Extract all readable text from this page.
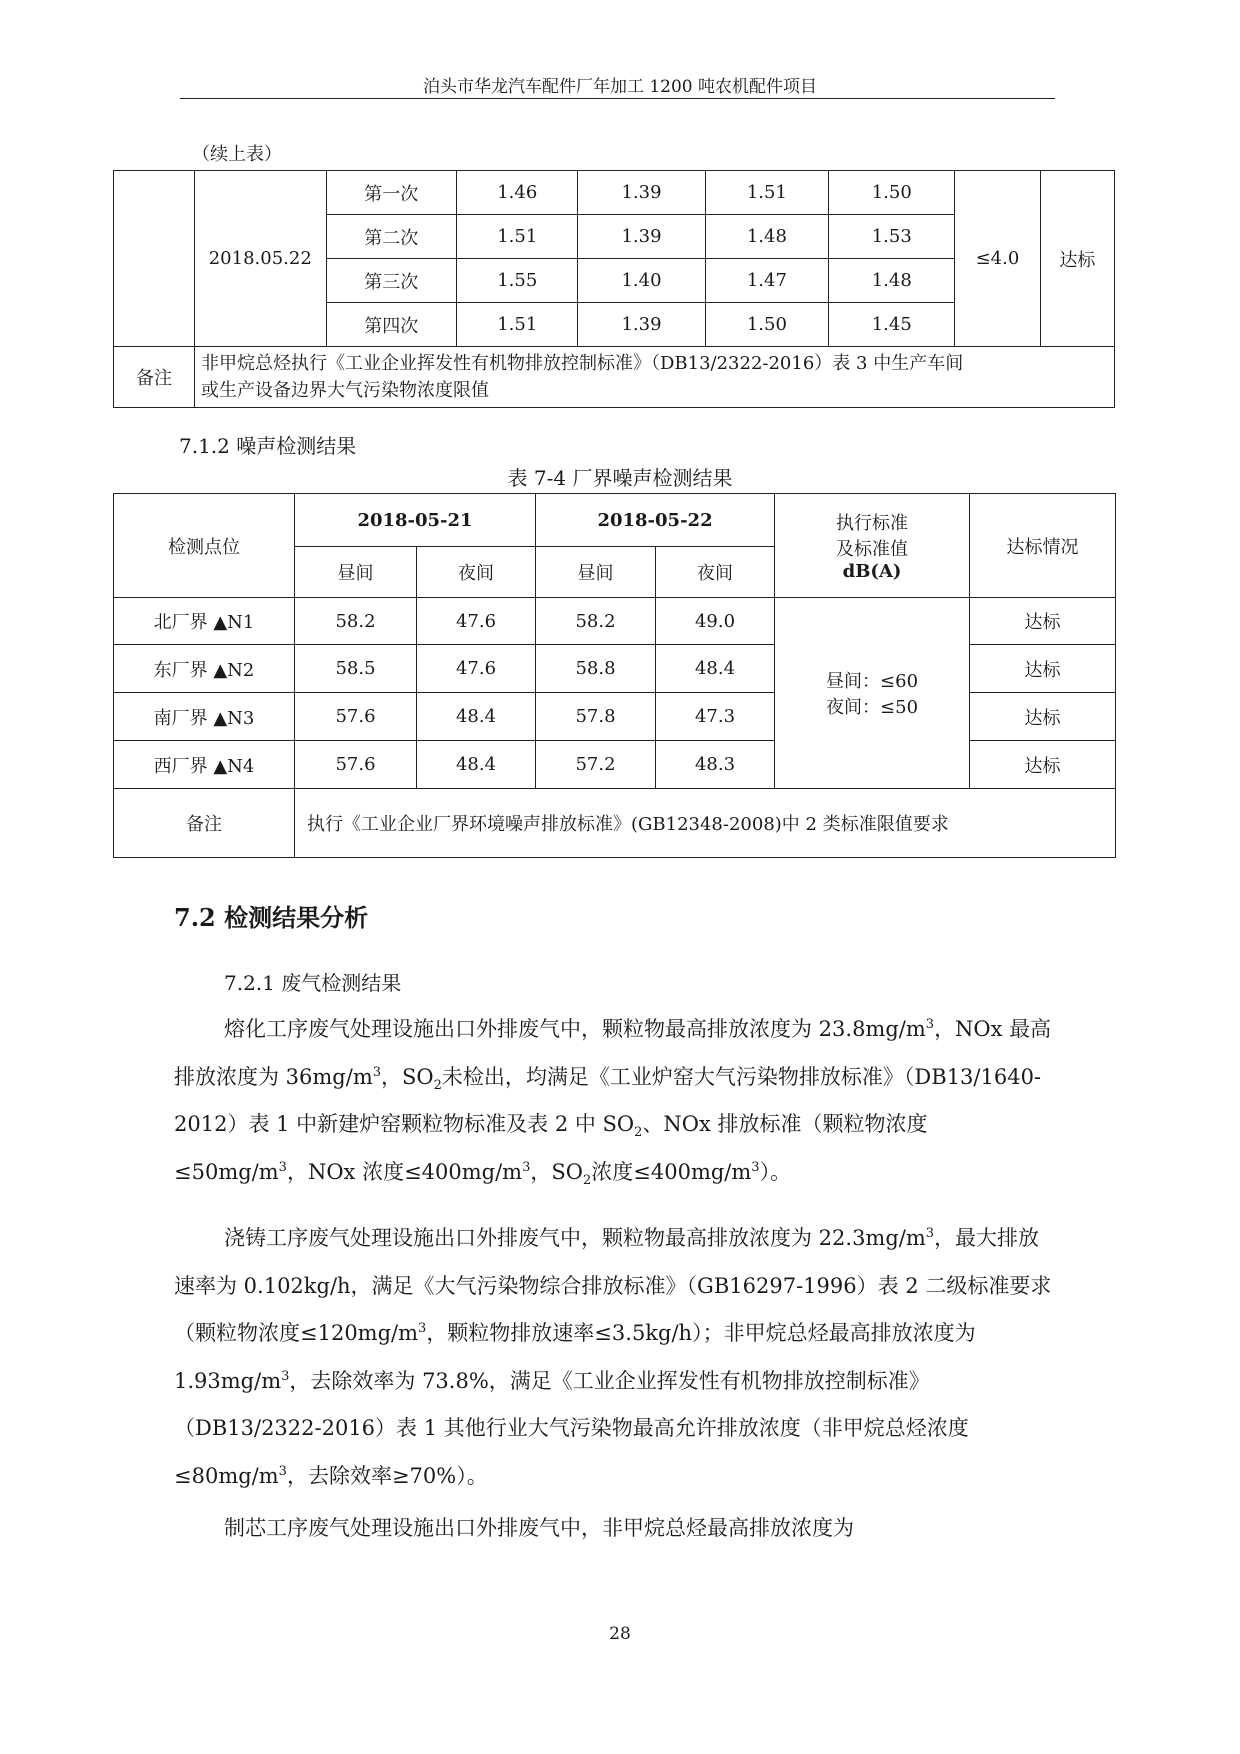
泊头市华龙汽车配件厂年加工 1200 吨农机配件项目
（续上表）
	2018.05.22	第一次	1.46	1.39	1.51	1.50	≤4.0	达标
		第二次	1.51	1.39	1.48	1.53		
		第三次	1.55	1.40	1.47	1.48		
		第四次	1.51	1.39	1.50	1.45		
备注	非甲烷总烃执行《工业企业挥发性有机物排放控制标准》（DB13/2322-2016）表 3 中生产车间
或生产设备边界大气污染物浓度限值							
7.1.2 噪声检测结果
表 7-4 厂界噪声检测结果
检测点位	2018-05-21		2018-05-22		执行标准
及标准值
dB(A)	达标情况
	昼间	夜间	昼间	夜间		
北厂界 ▲N1	58.2	47.6	58.2	49.0	昼间：≤60
夜间：≤50	达标
东厂界 ▲N2	58.5	47.6	58.8	48.4		达标
南厂界 ▲N3	57.6	48.4	57.8	47.3		达标
西厂界 ▲N4	57.6	48.4	57.2	48.3		达标
备注	执行《工业企业厂界环境噪声排放标准》(GB12348-2008)中 2 类标准限值要求					
7.2 检测结果分析
7.2.1 废气检测结果
熔化工序废气处理设施出口外排废气中，颗粒物最高排放浓度为 $23.8mg/m^3$，NOx 最高排放浓度为 $36mg/m^3$，$SO_2$未检出，均满足《工业炉窑大气污染物排放标准》（DB13/1640-2012）表 1 中新建炉窑颗粒物标准及表 2 中 $SO_2$、NOx 排放标准（颗粒物浓度$\le 50mg/m^3$，NOx 浓度$\le 400mg/m^3$，$SO_2$浓度$\le 400mg/m^3$）。
浇铸工序废气处理设施出口外排废气中，颗粒物最高排放浓度为 $22.3mg/m^3$，最大排放速率为 0.102kg/h，满足《大气污染物综合排放标准》（GB16297-1996）表 2 二级标准要求（颗粒物浓度$\le 120mg/m^3$，颗粒物排放速率≤3.5kg/h）；非甲烷总烃最高排放浓度为 $1.93mg/m^3$，去除效率为 73.8%，满足《工业企业挥发性有机物排放控制标准》（DB13/2322-2016）表 1 其他行业大气污染物最高允许排放浓度（非甲烷总烃浓度$\le 80mg/m^3$，去除效率≥70%）。
制芯工序废气处理设施出口外排废气中，非甲烷总烃最高排放浓度为
28
